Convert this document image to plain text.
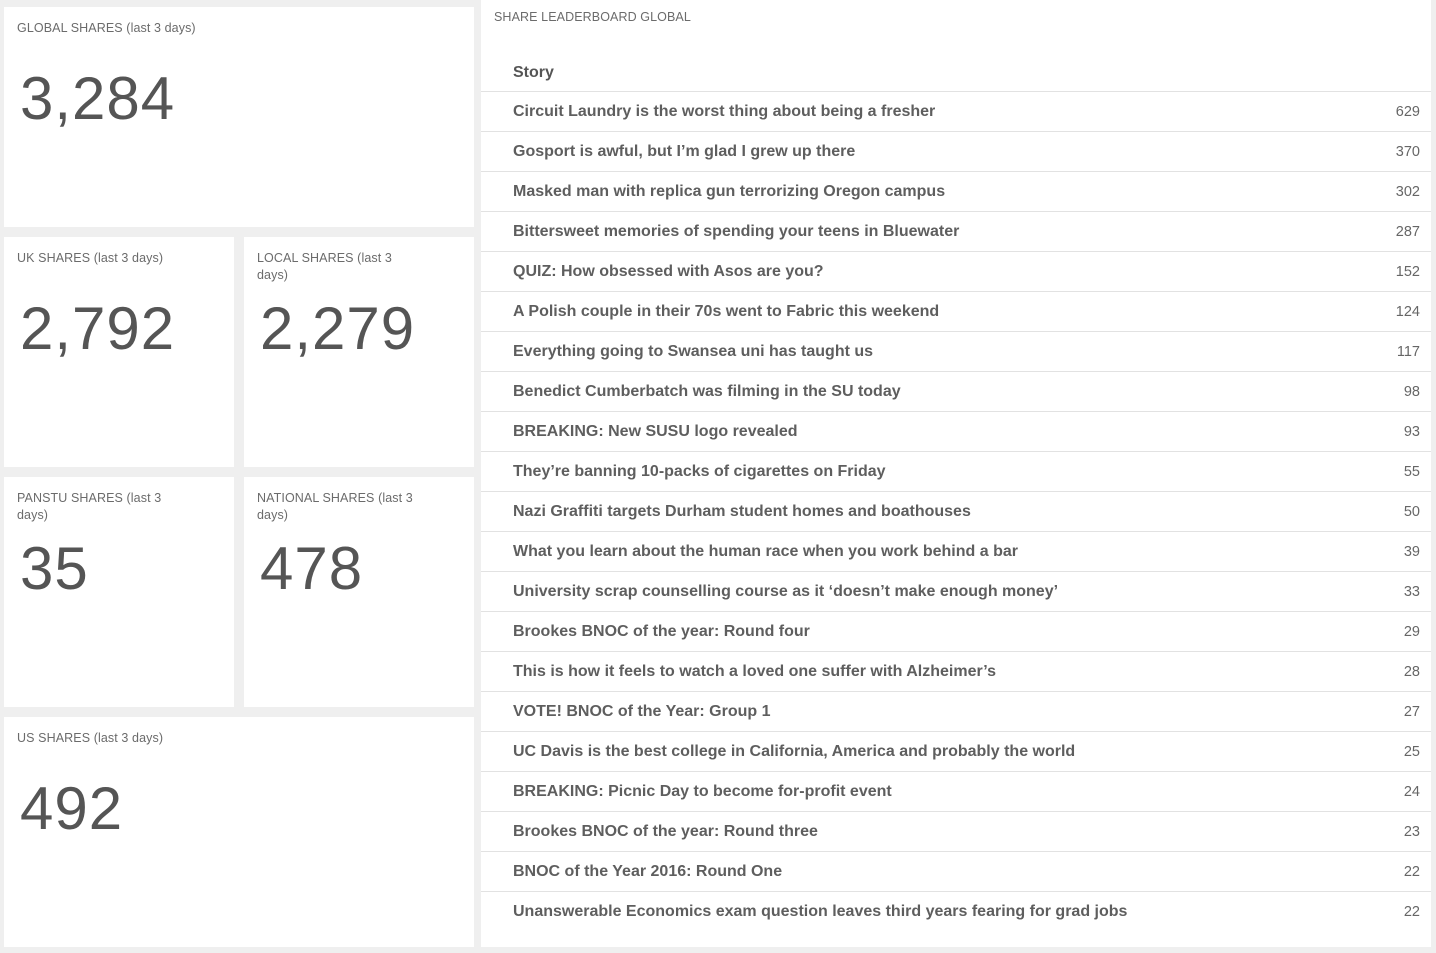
GLOBAL SHARES (last 3 days)
3,284
UK SHARES (last 3 days)
2,792
LOCAL SHARES (last 3 days)
2,279
PANSTU SHARES (last 3 days)
35
NATIONAL SHARES (last 3 days)
478
US SHARES (last 3 days)
492
SHARE LEADERBOARD GLOBAL
Story
Circuit Laundry is the worst thing about being a fresher	629
Gosport is awful, but I’m glad I grew up there	370
Masked man with replica gun terrorizing Oregon campus	302
Bittersweet memories of spending your teens in Bluewater	287
QUIZ: How obsessed with Asos are you?	152
A Polish couple in their 70s went to Fabric this weekend	124
Everything going to Swansea uni has taught us	117
Benedict Cumberbatch was filming in the SU today	98
BREAKING: New SUSU logo revealed	93
They’re banning 10-packs of cigarettes on Friday	55
Nazi Graffiti targets Durham student homes and boathouses	50
What you learn about the human race when you work behind a bar	39
University scrap counselling course as it ‘doesn’t make enough money’	33
Brookes BNOC of the year: Round four	29
This is how it feels to watch a loved one suffer with Alzheimer’s	28
VOTE! BNOC of the Year: Group 1	27
UC Davis is the best college in California, America and probably the world	25
BREAKING: Picnic Day to become for-profit event	24
Brookes BNOC of the year: Round three	23
BNOC of the Year 2016: Round One	22
Unanswerable Economics exam question leaves third years fearing for grad jobs	22
